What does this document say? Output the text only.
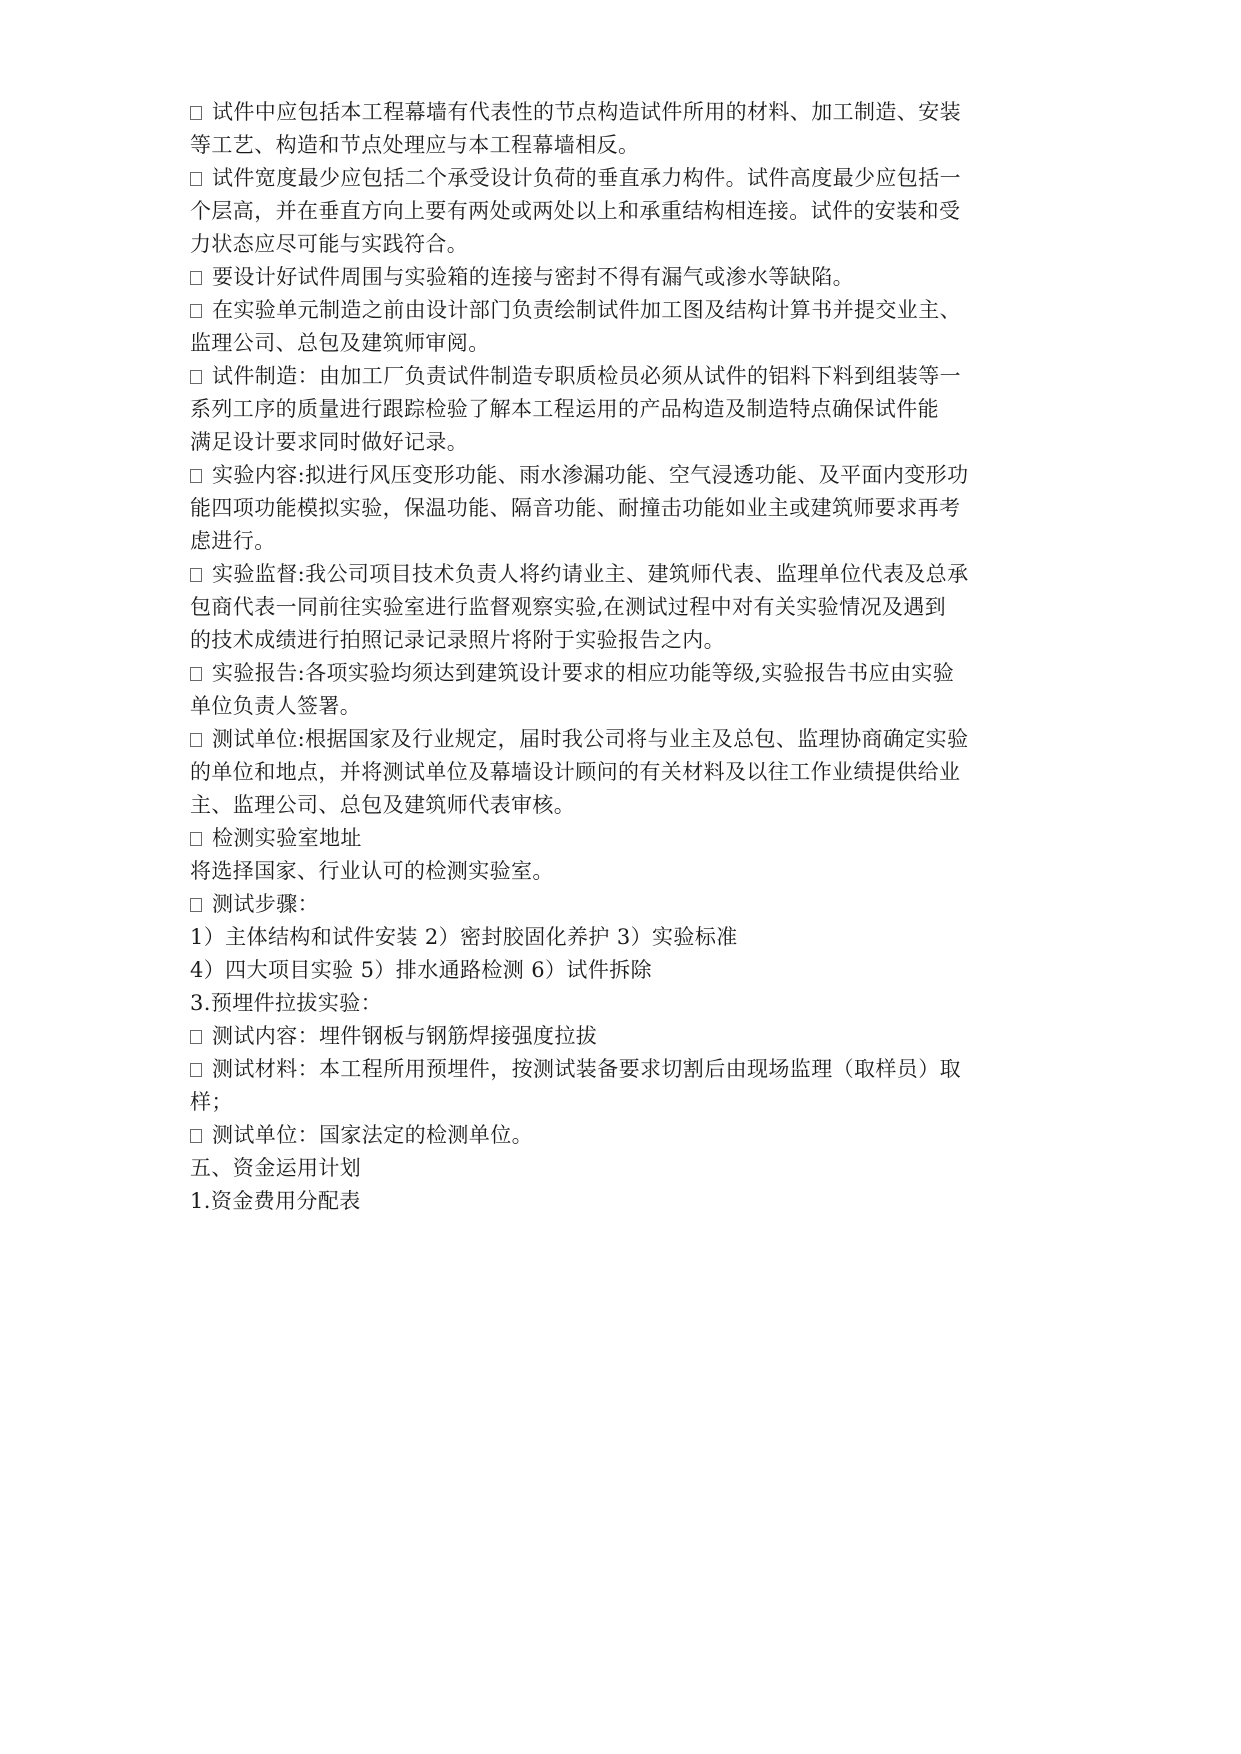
试件中应包括本工程幕墙有代表性的节点构造试件所用的材料、加工制造、安装
等工艺、构造和节点处理应与本工程幕墙相反。
试件宽度最少应包括二个承受设计负荷的垂直承力构件。试件高度最少应包括一
个层高，并在垂直方向上要有两处或两处以上和承重结构相连接。试件的安装和受
力状态应尽可能与实践符合。
要设计好试件周围与实验箱的连接与密封不得有漏气或渗水等缺陷。
在实验单元制造之前由设计部门负责绘制试件加工图及结构计算书并提交业主、
监理公司、总包及建筑师审阅。
试件制造：由加工厂负责试件制造专职质检员必须从试件的铝料下料到组装等一
系列工序的质量进行跟踪检验了解本工程运用的产品构造及制造特点确保试件能
满足设计要求同时做好记录。
实验内容:拟进行风压变形功能、雨水渗漏功能、空气浸透功能、及平面内变形功
能四项功能模拟实验，保温功能、隔音功能、耐撞击功能如业主或建筑师要求再考
虑进行。
实验监督:我公司项目技术负责人将约请业主、建筑师代表、监理单位代表及总承
包商代表一同前往实验室进行监督观察实验,在测试过程中对有关实验情况及遇到
的技术成绩进行拍照记录记录照片将附于实验报告之内。
实验报告:各项实验均须达到建筑设计要求的相应功能等级,实验报告书应由实验
单位负责人签署。
测试单位:根据国家及行业规定，届时我公司将与业主及总包、监理协商确定实验
的单位和地点，并将测试单位及幕墙设计顾问的有关材料及以往工作业绩提供给业
主、监理公司、总包及建筑师代表审核。
检测实验室地址
将选择国家、行业认可的检测实验室。
测试步骤：
1）主体结构和试件安装 2）密封胶固化养护 3）实验标准
4）四大项目实验 5）排水通路检测 6）试件拆除
3.预埋件拉拔实验：
测试内容：埋件钢板与钢筋焊接强度拉拔
测试材料：本工程所用预埋件，按测试装备要求切割后由现场监理（取样员）取
样；
测试单位：国家法定的检测单位。
五、资金运用计划
1.资金费用分配表
